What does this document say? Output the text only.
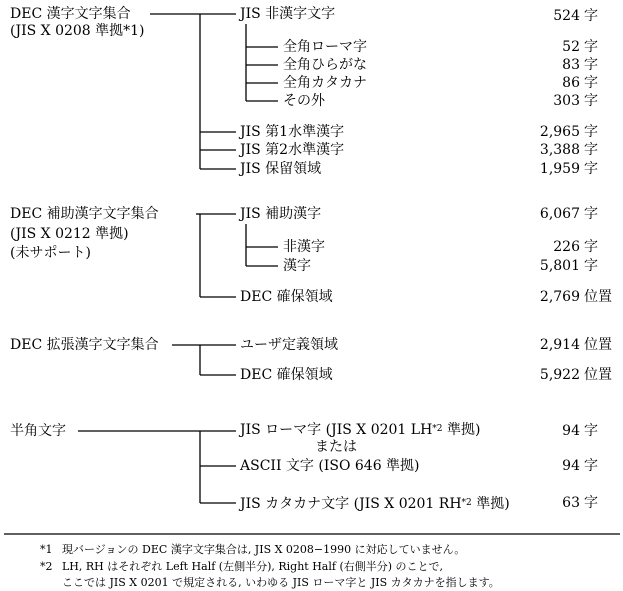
DEC 漢字文字集合
(JIS X 0208 準拠*1)
JIS 非漢字文字
全角ローマ字
全角ひらがな
全角カタカナ
その外
JIS 第1水準漢字
JIS 第2水準漢字
JIS 保留領域
524 字
52 字
83 字
86 字
303 字
2,965 字
3,388 字
1,959 字
DEC 補助漢字文字集合
(JIS X 0212 準拠)
(未サポート)
JIS 補助漢字
非漢字
漢字
DEC 確保領域
6,067 字
226 字
5,801 字
2,769 位置
DEC 拡張漢字文字集合	ユーザ定義領域
DEC 確保領域
2,914 位置
5,922 位置
半角文字	JIS ローマ字 (JIS X 0201 LH$^{*2}$ 準拠)
または
ASCII 文字 (ISO 646 準拠)
JIS カタカナ文字 (JIS X 0201 RH$^{*2}$ 準拠)
94 字
94 字
63 字
*1 現バージョンの DEC 漢字文字集合は, JIS X 0208−1990 に対応していません。
*2 LH, RH はそれぞれ Left Half (左側半分), Right Half (右側半分) のことで,
ここでは JIS X 0201 で規定される, いわゆる JIS ローマ字と JIS カタカナを指します。
